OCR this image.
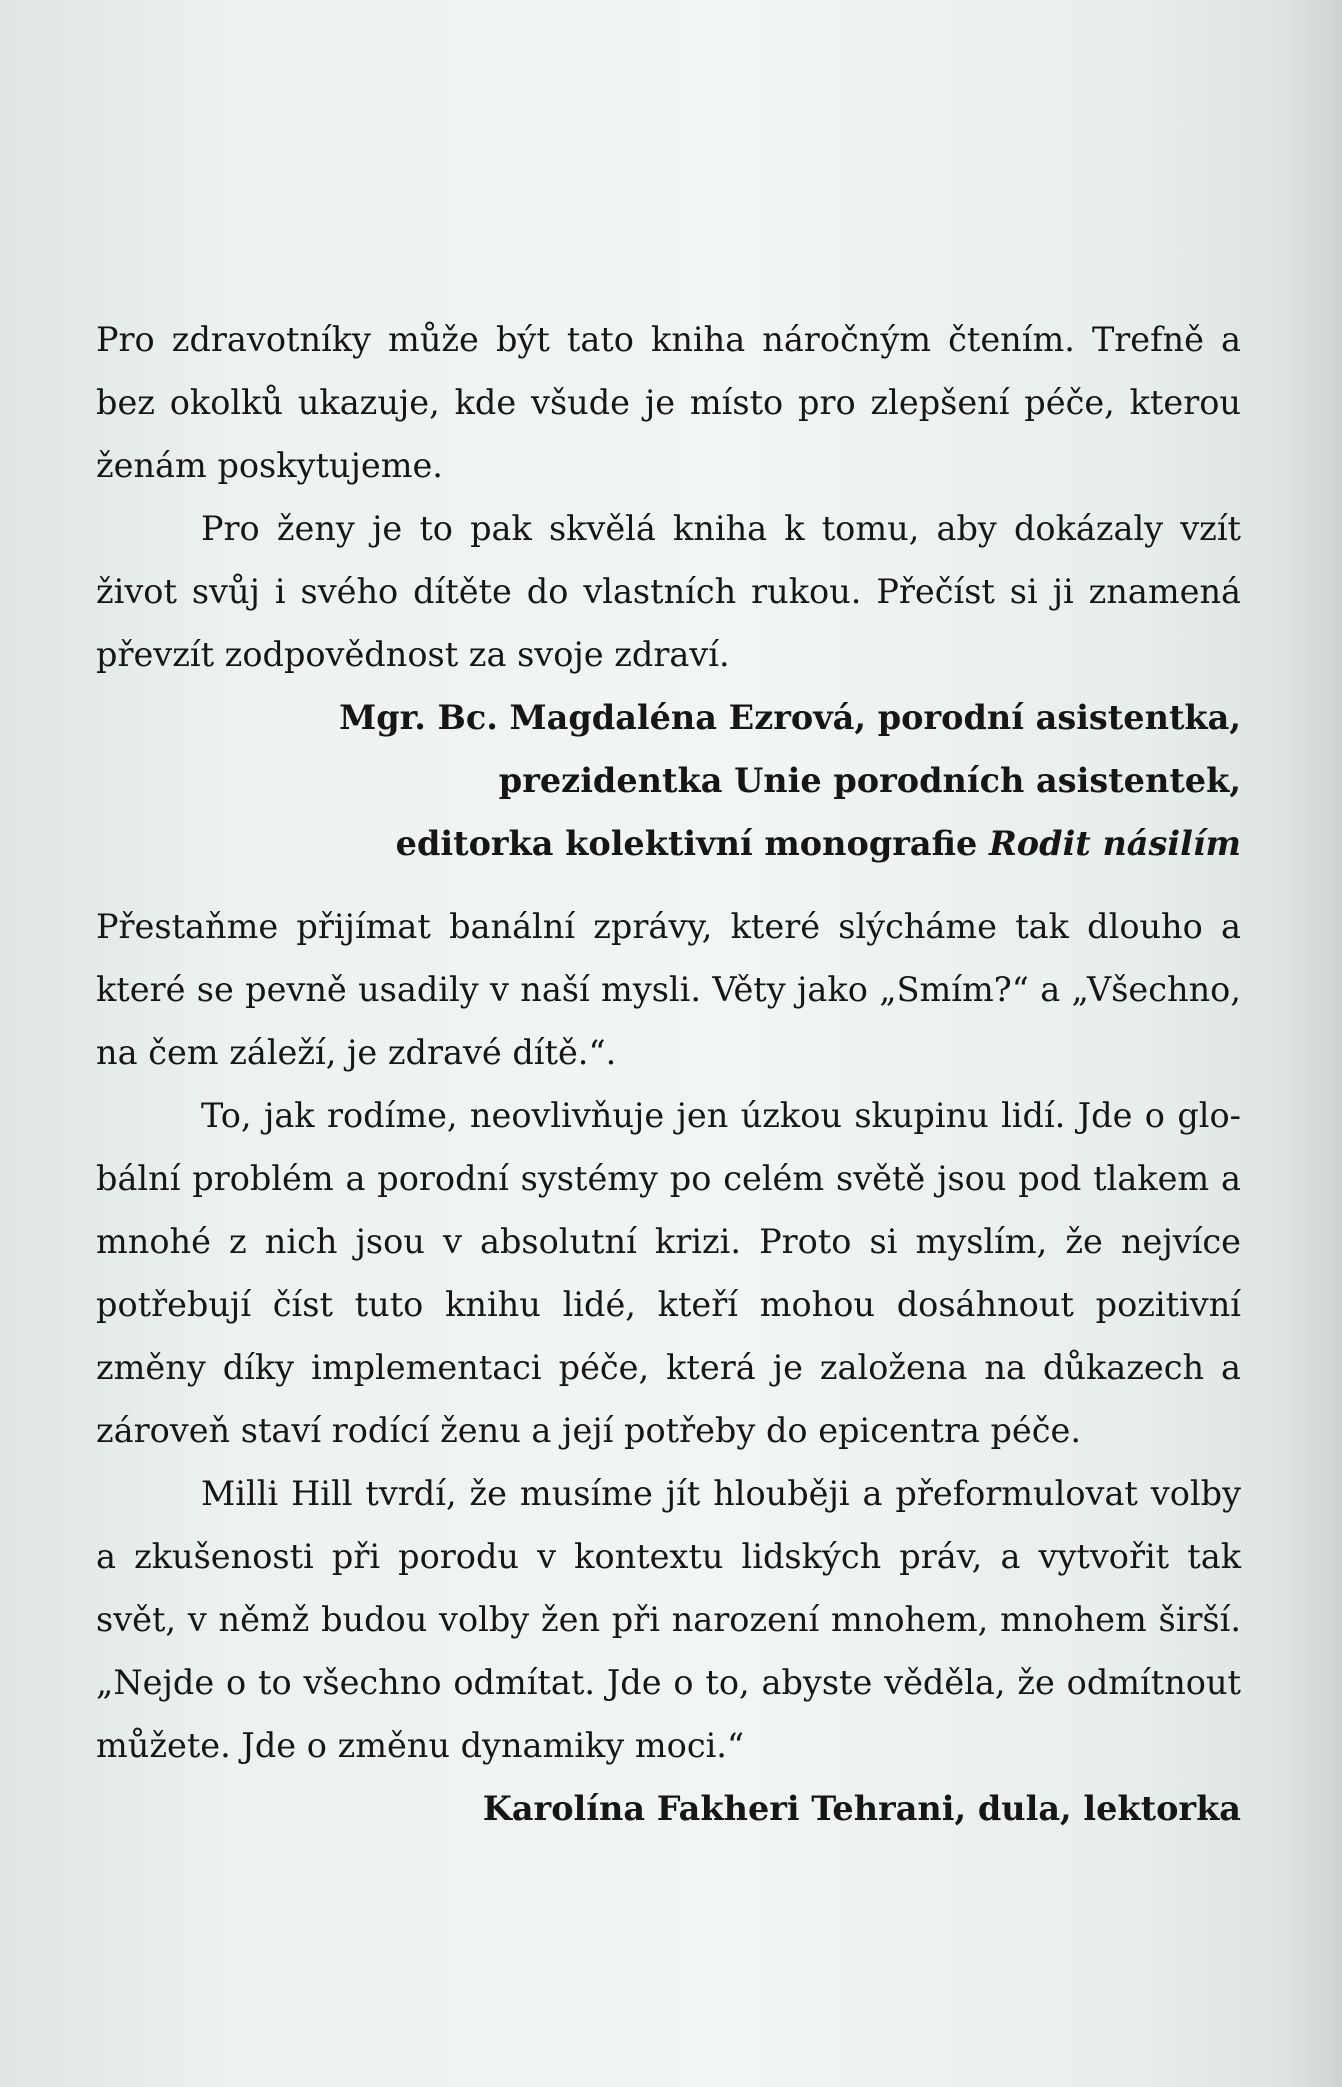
Pro zdravotníky může být tato kniha náročným čtením. Trefně a bez okolků ukazuje, kde všude je místo pro zlepšení péče, kterou ženám poskytujeme.

Pro ženy je to pak skvělá kniha k tomu, aby dokázaly vzít život svůj i svého dítěte do vlastních rukou. Přečíst si ji znamená převzít zodpovědnost za svoje zdraví.

Mgr. Bc. Magdaléna Ezrová, porodní asistentka,

prezidentka Unie porodních asistentek,

editorka kolektivní monografie Rodit násilím

Přestaňme přijímat banální zprávy, které slýcháme tak dlouho a které se pevně usadily v naší mysli. Věty jako „Smím?“ a „Všechno, na čem záleží, je zdravé dítě.“.

To, jak rodíme, neovlivňuje jen úzkou skupinu lidí. Jde o globální problém a porodní systémy po celém světě jsou pod tlakem a mnohé z nich jsou v absolutní krizi. Proto si myslím, že nejvíce potřebují číst tuto knihu lidé, kteří mohou dosáhnout pozitivní změny díky implementaci péče, která je založena na důkazech a zároveň staví rodící ženu a její potřeby do epicentra péče.

Milli Hill tvrdí, že musíme jít hlouběji a přeformulovat volby a zkušenosti při porodu v kontextu lidských práv, a vytvořit tak svět, v němž budou volby žen při narození mnohem, mnohem širší. „Nejde o to všechno odmítat. Jde o to, abyste věděla, že odmítnout můžete. Jde o změnu dynamiky moci.“

Karolína Fakheri Tehrani, dula, lektorka
